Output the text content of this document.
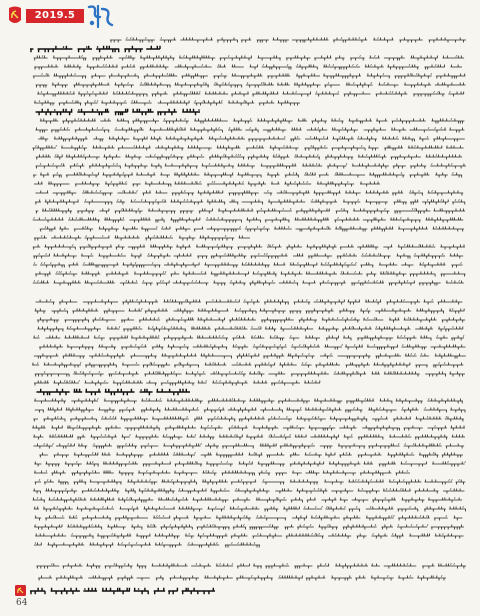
2019.5
64
